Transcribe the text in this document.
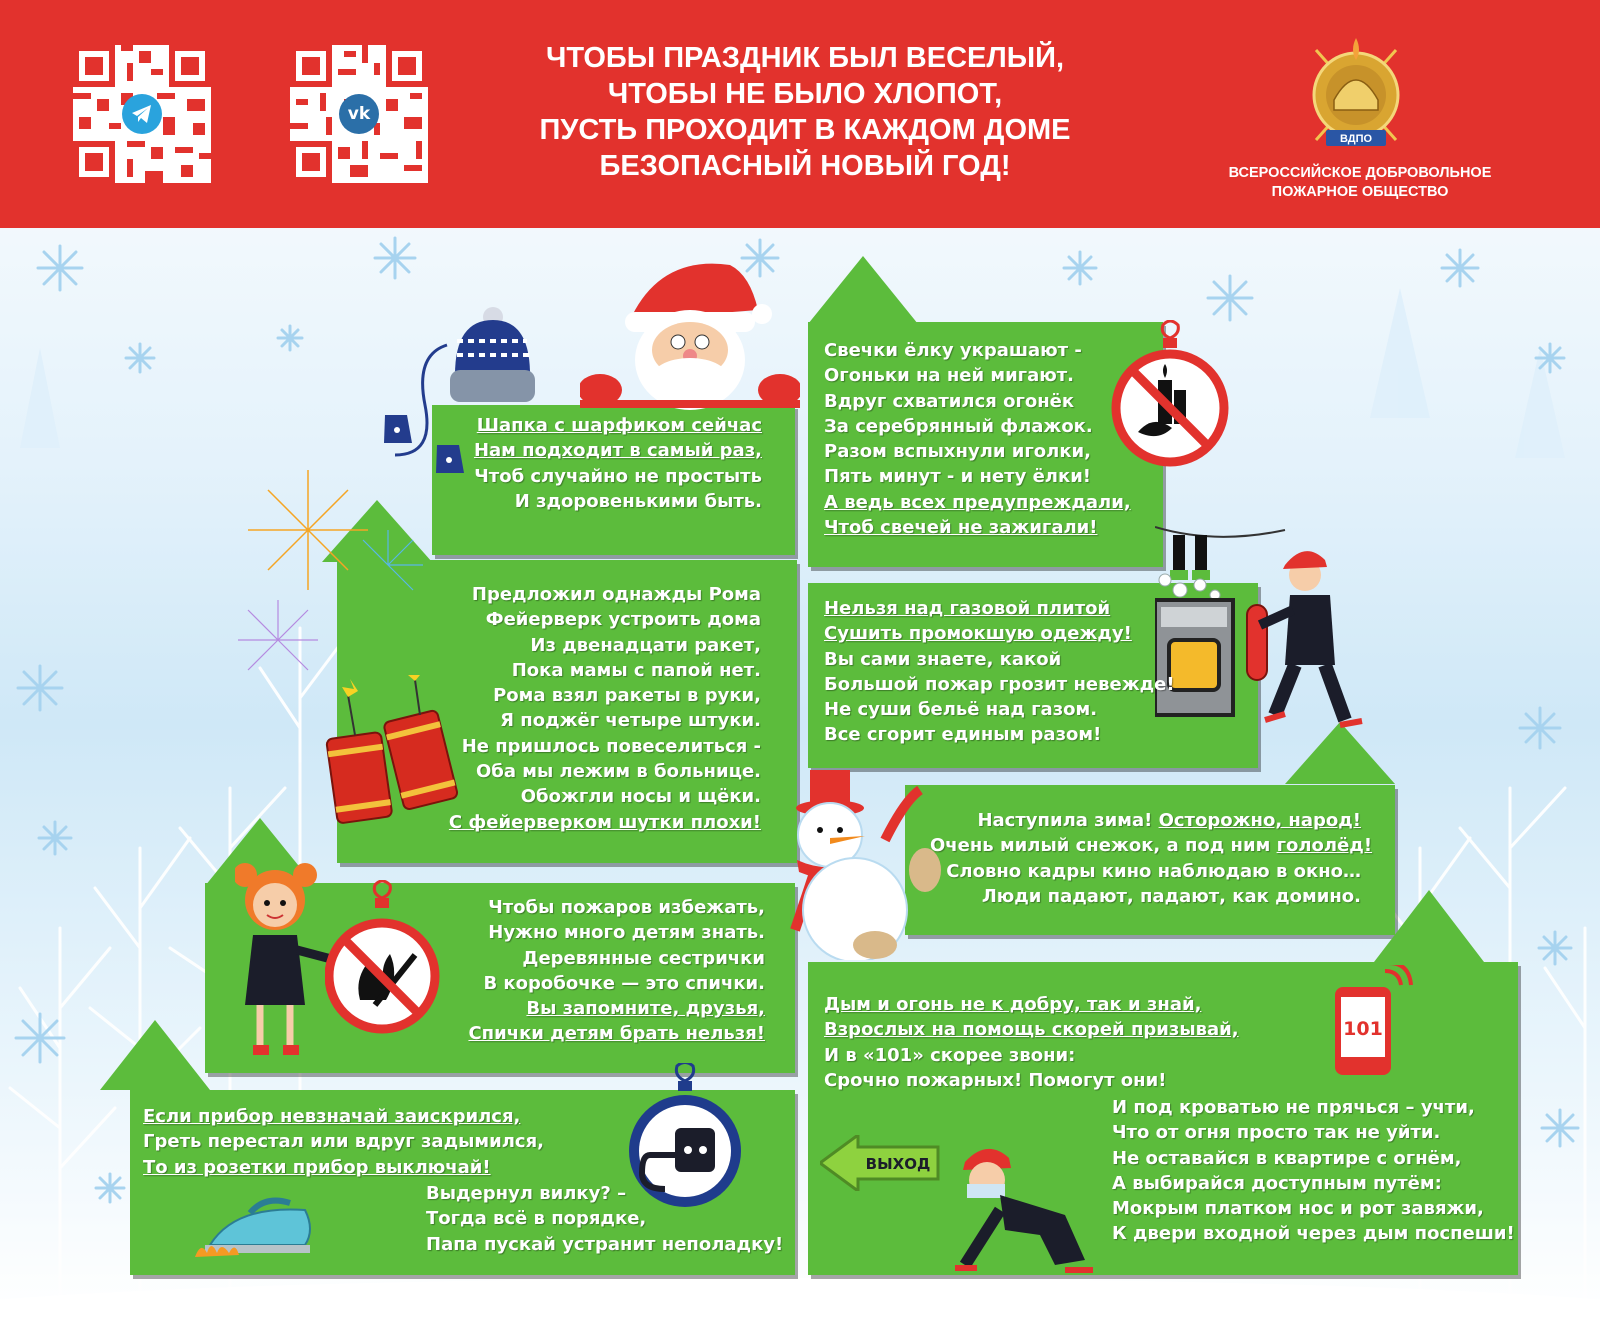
vk
ЧТОБЫ ПРАЗДНИК БЫЛ ВЕСЕЛЫЙ,
ЧТОБЫ НЕ БЫЛО ХЛОПОТ,
ПУСТЬ ПРОХОДИТ В КАЖДОМ ДОМЕ
БЕЗОПАСНЫЙ НОВЫЙ ГОД!
ВДПО
ВСЕРОССИЙСКОЕ ДОБРОВОЛЬНОЕ
ПОЖАРНОЕ ОБЩЕСТВО
101
ВЫХОД
Шапка с шарфиком сейчас
Нам подходит в самый раз,
Чтоб случайно не простыть
И здоровенькими быть.
Свечки ёлку украшают -
Огоньки на ней мигают.
Вдруг схватился огонёк
За серебрянный флажок.
Разом вспыхнули иголки,
Пять минут - и нету ёлки!
А ведь всех предупреждали,
Чтоб свечей не зажигали!
Предложил однажды Рома
Фейерверк устроить дома
Из двенадцати ракет,
Пока мамы с папой нет.
Рома взял ракеты в руки,
Я поджёг четыре штуки.
Не пришлось повеселиться -
Оба мы лежим в больнице.
Обожгли носы и щёки.
С фейерверком шутки плохи!
Нельзя над газовой плитой
Сушить промокшую одежду!
Вы сами знаете, какой
Большой пожар грозит невежде!
Не суши бельё над газом.
Все сгорит единым разом!
Наступила зима! Осторожно, народ!
Очень милый снежок, а под ним гололёд!
Словно кадры кино наблюдаю в окно…
Люди падают, падают, как домино.
Чтобы пожаров избежать,
Нужно много детям знать.
Деревянные сестрички
В коробочке — это спички.
Вы запомните, друзья,
Спички детям брать нельзя!
Дым и огонь не к добру, так и знай,
Взрослых на помощь скорей призывай,
И в «101» скорее звони:
Срочно пожарных! Помогут они!
И под кроватью не прячься – учти,
Что от огня просто так не уйти.
Не оставайся в квартире с огнём,
А выбирайся доступным путём:
Мокрым платком нос и рот завяжи,
К двери входной через дым поспеши!
Если прибор невзначай заискрился,
Греть перестал или вдруг задымился,
То из розетки прибор выключай!
Выдернул вилку? –
Тогда всё в порядке,
Папа пускай устранит неполадку!
